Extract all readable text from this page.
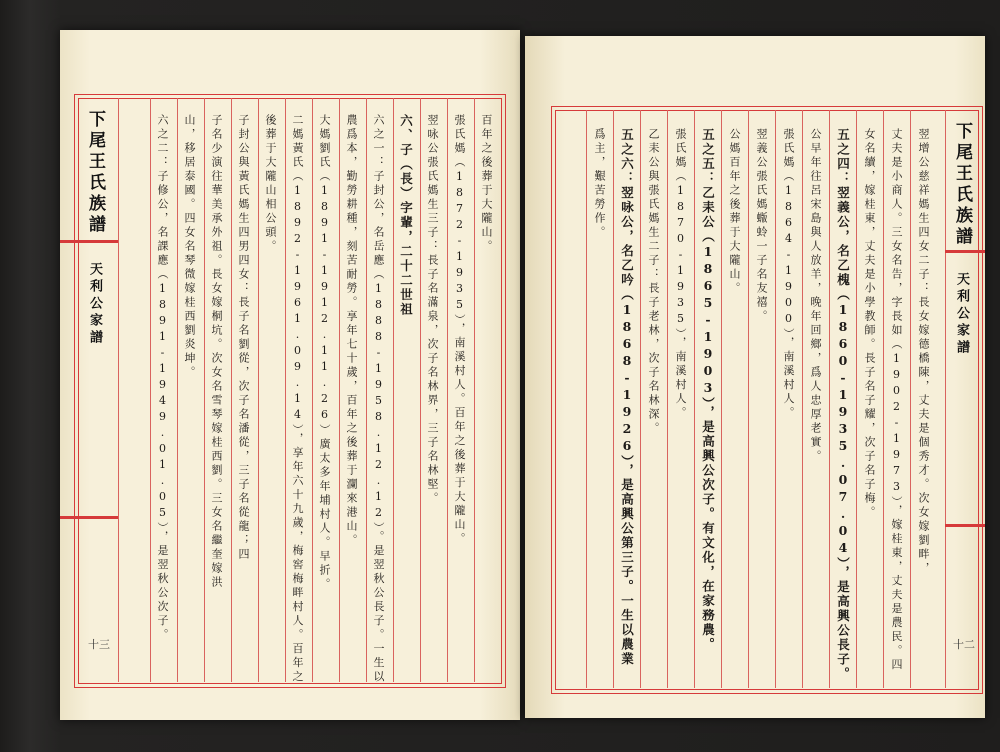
下尾王氏族譜
天利公家譜
十三
百年之後葬于大隴山。
張氏媽（1872-1935），南溪村人。百年之後葬于大隴山。
翌咏公張氏媽生三子：長子名滿泉，次子名林界，三子名林堅。
六、子（長）字輩，二十二世祖
六之一：子封公，名岳應（1888-1958.12.12）。是翌秋公長子。一生以
農爲本，勤勞耕種，刻苦耐勞。享年七十歲，百年之後葬于瀾來港山。
大媽劉氏（1891-1912.11.26）廣太多年埔村人。早折。
二媽黃氏（1892-1961.09.14），享年六十九歲，梅窖梅畔村人。百年之
後葬于大隴山相公頭。
子封公與黃氏媽生四男四女：長子名劉從，次子名潘從，三子名從龍；四
子名少演往華美承外祖。長女嫁桐坑。次女名雪琴嫁桂西劉。三女名繼奎嫁洪
山，移居泰國。四女名琴微嫁桂西劉炎坤。
六之二：子修公，名課應（1891-1949.01.05），是翌秋公次子。	下尾王氏族譜
天利公家譜
十二
翌增公慈祥媽生四女二子：長女嫁德橋陳，丈夫是個秀才。次女嫁劉畔，
丈夫是小商人。三女名告，字長如（1902-1973），嫁桂東，丈夫是農民。四
女名續，嫁桂東，丈夫是小學教師。長子名子耀，次子名子梅。
五之四：翌義公，名乙槐（1860-1935.07.04），是高興公長子。
公早年往呂宋島與人放羊，晚年回鄉，爲人忠厚老實。
張氏媽（1864-1900），南溪村人。
翌義公張氏媽蝂蛉一子名友禧。
公媽百年之後葬于大隴山。
五之五：乙耒公（1865-1903），是高興公次子。有文化，在家務農。
張氏媽（1870-1935），南溪村人。
乙耒公與張氏媽生二子：長子老林，次子名林深。
五之六：翌咏公，名乙吟（1868-1926），是高興公第三子。一生以農業
爲主，艱苦勞作。
